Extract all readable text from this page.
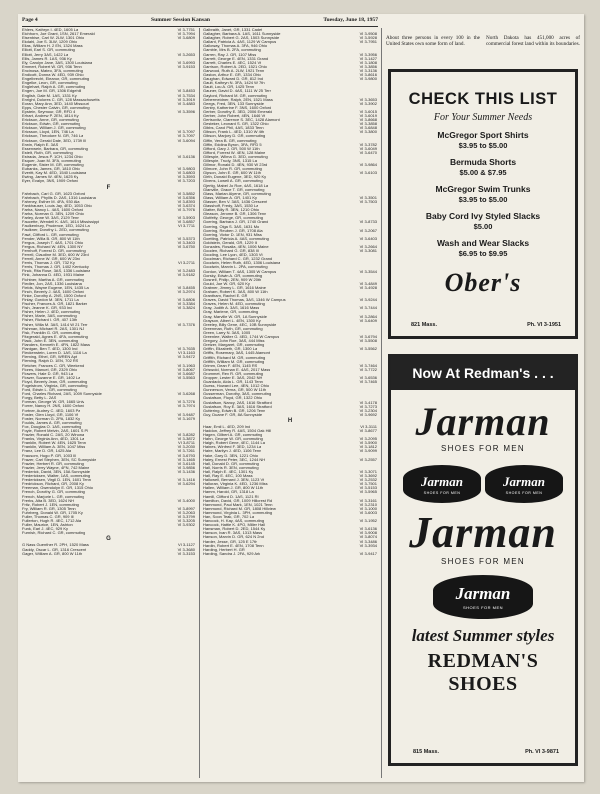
Page 4	Summer Session Kansan	Tuesday, June 18, 1957
Ehlers, Kathryn I. 4ED, 1605 La	VI 3-7751
Eichhorn, Joe Grant, 1SN, 2617 Emerald	VI 3-7994
Eisenbise, Carl W. 2LW, 1301 Ohio	VI 3-6809
Ekdahl, Joe S. 3LW, 1209 Ohio
Elias, William H. 2 EN, 1324 Mass
Elliott, Earl S. GR, commuting
Elliott, Jerry 3AS, 1422 La	VI 3-2653
Ellis, James R. 1AS, 936 Ky
Ely, Carolyn Jane, 3AS, 1300 Louisiana	VI 3-6993
Emmert, Robert W. GR, 936 Tenn	VI 3-9153
Encinosa, Mateo, 3FA, commuting
Endicott, Donna W. 4ED, 939 Ohio
Engelbrecht, Eleanor, GR, commuting
Engelke, Leon, GR, commuting
Englehart, Ralph A. GR, commuting
Engen, Joe M. GR, 1306 Edgehill	VI 3-8453
English, Dale M. 1AS, 1331 Ky	VI 3-7534
Enright, Dolores C. GR, 128 Massachusetts	VI 3-3919
Eoran, Mary Ann, 3ED, 1440 Missouri	VI 3-4883
Epps, Chester Calvin, GR, commuting
Epstein, Seymour, GR, RFD 4	VI 3-3596
Erhart, Andrew P. 2EN, 1814 Ky
Erickson, Anne, GR, commuting
Erickson, Edwin, GR, commuting
Erickson, William J. GR, commuting
Ericsson, Lloyd, 1EN, 746 La	VI 3-7097
Erickson, Theodore N. GR, 746 La	VI 3-7097
Erickson, Gerald Dale, 3ED, 1739 Ill	VI 3-6094
Erwin, Ralph E. 3AS
Essenwein, Barbara, GR, commuting
Estelt, Ruth, GR, commuting
Estrada, Jesus P. 1CH, 1234 Ohio	VI 3-6136
Esquer, Juan M. 3FA, commuting
Eugenie, Sister M. GR, commuting
Eubanks, James, GR, 1810 Ohio	VI 3-9803
Everitt, Kay M. 4ED, 1540 Louisiana	VI 3-6803
Ewing, James W. 4EN, 1625 Ky	VI 3-3593
Eyer, Evalyn, 3NS, 1909 Oxford	VI 3-7203
F
Fahrbach, Carl G. GR, 1623 Oxford	VI 3-5852
Fahrbach, Phyllis D. 2AS, 1316 Louisiana	VI 3-6356
Fahrney, Esther M. 4FA, 930 Ala	VI 3-8393
Fankhauser, Louis Jay, 4ED, 1053 Ohio	VI 3-6374
Farha, Nancy L. 4AS, 1600 Oxford	VI 3-7976
Farha, Norman G. 3EN, 1209 Ohio
Farley, Anne W. 3AS, 2129 Tenn	VI 3-5903
Faucette, Wendell K. 4AS, 1614 Mississippi	VI 3-6857
Faulkenbury, Prudence, 1ED, 1624 La	VI 3-7711
Faulkner, Dorothy L. 2ED, commuting
Fawl, Clifford L. GR, commuting
Fender, Willa B. GR, 800 W 11th	VI 3-5373
Fergus, Joseph T. 4AS, 1701 Ohio	VI 3-3403
Fergus, Richard W. 4EN, 1300 NY	VI 3-6750
Fernhoff, Forrest D. GR, commuting
Ferrell, Claudine M. 3ED, 600 W 23rd
Ferrell, Anne W. GR, 600 W 23rd
Ferris, Thomas J. GR, 732 Ky	VI 3-2711
Ferris, Thomas J. GR, 1402 Kentucky
Finck, Rita Rose, 3AS, 1336 Louisiana	VI 3-2483
Fink, Johanna D. 4ED, 1931 Maine	VI 3-9182
Fichtner, Martha A. GR, commuting
Fiedler, Jon, 2AS, 1336 Louisiana
Fields, Wayne Eugene, 1EN, 1435 La	VI 3-8455
Finch, Beverly J. 4AS, 1600 Oxford	VI 3-2974
Finke, Dorothy A. 2NS, 1500 Oxford
Finlay, Gordon M. 3EN, 1711 La	VI 3-6806
Fischer, Frances A. GR, 1821 Barker	VI 3-3384
Fish, Jeanne K. GR, 933 Ind	VI 3-3824
Fisher, Helen J. 4ED, commuting
Fisher, Marie, 3AS, commuting
Fisher, Richard I. GR, 407 13th
Fisher, Willa M. 3AS, 1414 W 21 Terr	VI 3-7376
Fishman, Michael R. 2AS, 1301 NJ
Fisk, Franklin G. GR, commuting
Fitzgerald, Agnes E. 4FA, commuting
Flack, John E. 3EN, commuting
Flanders, Kenneth E. 4FN, 1822 Mass
Flanigan, Ben T. 4ED, 1300 Ind	VI 3-7635
Fleckenstein, Loren D. 1AS, 1116 La	VI 3-1163
Fleming, Ethel, GR, WREN Apt	VI 3-9472
Fleming, Ralph D. 1EN, 702 RS
Fletcher, Frances C. GR, Weekend	VI 3-1963
Flores, Manuel, GR, 2329 Ohio	VI 3-8067
Flowers, Hale D. GR, 943 La	VI 3-6687
Flower, Suzanne E. GR, 1402 La	VI 3-5563
Floyd, Beverly Jean, GR, commuting
Fogelstrom, Virginia, GR, commuting
Ford, Edwin L. GR, commuting
Ford, Charles Richard, 2AS, 1009 Sunnyside	VI 3-6268
Forgy, Betty L. 2AS
Forman, George W. GR, 1665 Univ	VI 3-7276
Forrer, Nancy H. 2NS, 1600 Oxford	VI 3-7974
Fortner, Audrey C. 4ED, 1603 Pa
Foster, Glen Lloyd, GR, 1106 Vt	VI 3-9487
Foster, Norman G. 2PA, 1832 Ky	VI 3-1679
Foulds, James A. GR, commuting
Fox, Douglas O. 1AS, commuting
Foyle, Robert Melvin, 2AS, 1601 S Pl
Frazier, Ronald C. 2AS, 20 Winona	VI 3-8282
Franks, Virginia Ann, 4ED, 1301 La	VI 3-3872
Franklin, Robert W. 4EN, 1625 Tenn	VI 3-8711
Franklin, William A. 3EN, 1047 Miss	VI 3-2030
Franz, Lee D. GR, 1425 Ala	VI 3-7261
Frausom, Hugo P. GR, 1003 Ill	VI 3-6793
Frazer, Carl Stephen, 3EN, SC Sunnyside	VI 3-1465
Frazier, Herbert R. GR, commuting	VI 3-6145
Frazier, Jerry Wayne, 4FN, 742 Maine	VI 3-9856
Frederick, David, 3EN, 15A Sunnyside	VI 3-1436
Fredericksen, Walter, 1AS, commuting
Fredericksen, Virgil D. 1EN, 1601 Tenn	VI 3-1416
Fredrickson, Richard, GR, 2008 Ky	VI 3-6294
Freeman, Gwendolyn E. GR, 1315 Ohio
French, Dorothy G. GR, commuting
French, Marjorie L. GR, commuting
Frerks, Alta B. 3ED, 1624 NH	VI 3-4000
Fritz, Robert J. 1EN, commuting
Fry, William R. GR, 1305 Tenn	VI 3-8997
Fuhrberg, Donald W. GR, 1705 Ky	VI 3-2063
Fuller, Thomas C. GR, 909 Ill	VI 3-3799
Fullerton, Hugh R. 4EC, 1712 Ala	VI 3-3205
Fuller, Maurice, 1EN, Ashton	VI 3-9302
Funk, Earl J. 4EC, 929 Ky
Furnish, Richard C. GR, commuting
G
G Nass Guenther R. 2PH, 1520 Mass	VI 3-1127
Gaddy, Oscar L. GR, 1316 Crescent	VI 3-3680
Gager, William A. GR, 800 W 11th	VI 3-3153
Galbraith, Janet, GR, 1331 Cadet
Gallagher, Barbara A. 1AS, 1611 Sunnyside	VI 3-9508
Gallagher, Robert G. 2AS, 1503 Sunnyside	VI 3-5928
Gallant, Patricia A. 4AS, 1129 W Campus	VI 3-7951
Galloway, Thomas A. 3FA, 946 Ohio
Gamble, Mrs B. 2FA, commuting
Garren, Ray J. GR, 1107 Miss	VI 3-3956
Garrett, George E. 4EN, 1331 Grand	VI 3-1427
Garrett, Charles E. 4EC, 1524 Vt	VI 3-1808
Garrison, Robert A. 2ED, 1521 Ohio	VI 3-3856
Garwood, Ruth A. 2LW, 1921 Tenn	VI 3-3136
Gaston, Arthur E. GR, 1334 Ohio	VI 3-8616
Gaughan, Edward D. GR, 812 Ind	VI 3-9800
Gault, Kathryn N. 3FA, 1424 W 7th
Gault, Lou A. GR, 1425 Tenn
Gauner, David D. 4AS, 1111 W 25 Terr
Gaylord, Richard M. GR, commuting
Gebermeidner, Ralph, 2EN, 1521 Mass	VI 3-3653
Geegs, Fred, 3EN, 133 Sunnyside	VI 3-3902
Gentry, Katherine F. 3NS, 1600 Oxford
Gerber, Dorothy E. 3ED, 2006 Emerald	VI 3-6015
Gerber, John Robert, 4EN, 1646 Vt	VI 3-6019
Gertsovitz, Clarence S. 3EC, 1428 Alamont	VI 3-8668
Gesteker, Leonard S. GR, 1322 Ohio	VI 3-3858
Gibbs, Carol Phil, 4AS, 1833 Tenn	VI 3-6848
Gibson, Frank L. 4ED, 1310 W 4th	VI 3-3800
Gibson, Marjory D. GR, commuting
Giffin, Vera B. GR, commuting
Giffin, Eddina Byron, 3FA, RFD 5	VI 3-3782
Gifford, Gary J. GR, 500 W 11th	VI 3-6049
Gifford, Forrest W. 4EN, 128 Maine	VI 3-6470
Gillespie, Wilma G. 3ED, commuting
Gillespie, Trudy, 3NS, 1315 La
Gillmor, Ronald D. 4EN, 930 W 23rd	VI 3-9864
Gilmore, John R. GR, commuting
Gipson, John E. GR, 600 W 11th	VI 3-6103
Girth, Donald Eugene, 3ED, 920 Ky
Givens, Lowell A. GR, commuting
Gjertig, Mabel Jo Roe, 4AS, 1618 La
Glanville, Grace T. GR, commuting
Glass, Marian Alyene, GR, commuting
Glass, William A. GR, 1401 Ky	VI 3-3501
Glasser, Ben V. 3AS, 1436 Crescent	VI 3-7503
Glasshoff, Fredy, 3AS, 1530 La
Glatter, Billy R. 3EN, 1210 Ohio
Gleason, Jerome B. GR, 1306 Tenn
Glotfelty, George, GR, commuting
Goering, Barbara J. GR, 1740 Grand	VI 3-8733
Goering, Olga S. 3AS, 1631 Mo
Goering, Reuben J. GR, 1708 Ala	VI 3-2067
Goering, Victor D. 1EN, 931 Miss
Goetting, Patricia A. 4AS, commuting	VI 3-6403
Goldstein, Gerald, GR, 1229 Ill
Gonzales, Rosalia, 4EN, 1006 Maine	VI 3-2664
Gooden, Richard G. GR, 838 Ill	VI 3-3081
Gooding, Lee Lyon, 4ED, 1303 Vt
Goodman, Richard C. GR, 1232 Grand
Goodwin, Helen Ruth, 4ED, 1306 Louisiana
Goodwin, Marvin L. 2PA, commuting
Gordon, William T. 4AS, 1305 W Campus	VI 3-3544
Gorsky, Edwin A. GR, commuting
Gosnell, Philip, 2EN, 909 W 20th
Gould, Joe W. GR, 620 Ky	VI 3-4849
Grabner, Jimmy L. GR, 1616 Maine	VI 3-4928
Graham, Robert K. 3AS, 800 W 11th
Grantham, Rachel E. GR
Graves, David Thomas, 3AS, 1346 W Campus	VI 3-9244
Graves, Helen M. 4ED, commuting
Gray, Judith A. 3AS, 1616 Mass	VI 3-7444
Gray, Marlene, GR, commuting
Gray, Marville W. GR, 1A Sunnyside	VI 3-2864
Grayson, Albert L. 4EN, 1300 Ky	VI 3-6409
Greeley, Billy Gene, 4EC, 10B Sunnyside
Greenman, Ruth, GR, commuting
Green, Larry N. 3AS, 1005
Greenlee, Walter G. 4ED, 1744 W Campus	VI 3-6794
Gregory, John Roe, 3AS, 444 Miss	VI 3-5508
Gretzer, Margaret, GR, commuting
Griffin, Elizabeth, GR, 1300 La	VI 3-5562
Griffis, Rosemary, 3AS, 1445 Alamont
Griffith, Richard M. GR, commuting
Griffith, William M. GR, commuting
Grimm, Dean F. 4EN, 1145 RS	VI 3-7464
Griswold, Norman E. 4AS, 2017 Mass	VI 3-7722
Grommet, Rex R. GR, commuting
Gropper, Lester E. 3AS, 2042 NH	VI 3-6536
Guardado, Aida L. GR, 1143 Tenn	VI 3-7465
Guess, Howard Lee, 4EN, 1012 Ohio
Gunnerson, Verna, GR, 500 W 11th
Gusserman, Dorothy, 3AS, commuting
Gustafson, Floyd, GR, 1322 Ohio
Gustafson, Nancy, 2AS, 1616 Stratford	VI 3-4178
Gustafson, Roy E. 3AS, 1616 Stratford	VI 3-7273
Guttering, Edwin B. GR, 1206 Tenn	VI 3-2304
Guy, Duane F. GR, 8A Sunnyside	VI 3-9692
H
Haar, Emil L. 4ED, 209 Ind	VI 3-3111
Haddon, Jeffrey R. 4AS, 1504 Oak Hill	VI 3-8677
Hagen, Gilbert A. GR, commuting
Hahn, George W. GR, commuting	VI 3-2095
Haigh, Robert Gene, 4EC, 1144 La	VI 3-5900
Haines, Winfred F. 3ED, 1234 La	VI 3-1812
Haire, Marilyn J. 4ED, 1106 Tenn	VI 3-9099
Hake, Gary D. 3EN, 1221 Ohio
Haley, Ernest Peter, 3EC, 1244 NH	VI 3-2557
Hall, Donald D. GR, commuting
Hall, Norris R. 3EN, commuting
Hall, Ralph E. 4EC, 1301 Ky	VI 3-3071
Hall, Ray E. 4EC, 100 Mass	VI 3-3692
Hallowell, Bernard J. 3EN, 1123 Vt	VI 3-2532
Halloran, Virginia K. 4ED, 1236 Miss	VI 3-7501
Hallen, William J. GR, 800 W 11th	VI 3-5153
Hamm, Harold, GR, 1318 La	VI 3-5965
Hamill, Clifford D. 1AS, 1121 RI
Hamilton, David, GR, 1009 Hillcrest Rd	VI 3-3161
Hammond, Paul Mark, 1EN, 1021 Tenn	VI 3-2310
Hammond, Richard M. GR, 1808 Hillview	VI 3-1000
Hammond, Virginia L. 3PH, commuting	VI 3-6003
Han, Soon Teak, GR, 702 La
Hancock, H. Kay, 4AS, commuting	VI 3-1952
Hancock, Hattie K. 4PO, Miller Hall
Hansman, Robert D. 2ED, 1544 Ky	VI 3-6136
Hanson, Ivan R. 3AS, 1313 Mass	VI 3-9008
Hanson, Marvin D. GR, 624 N 2nd	VI 3-8074
Harder, Jesse, GR, 125 E 17th	VI 3-3486
Hardin, Robert E. 4EN, 1708 Tenn	VI 3-3934
Harding, Herbert H. GR
Harding, Sandra J. 2FA, 929 Ark	VI 3-9417
About three persons in every 100 in the United States own some form of land.
North Dakota has 451,000 acres of commercial forest land within its boundaries.
CHECK THIS LIST
For Your Summer Needs
McGregor Sport Shirts
$3.95 to $5.00
Bermuda Shorts
$5.00 & $7.95
McGregor Swim Trunks
$3.95 to $5.00
Baby Cord Ivy Styled Slacks
$5.00
Wash and Wear Slacks
$6.95 to $9.95
Ober's
821 Mass.	Ph. VI 3-1951
Now At Redman's . . .
Jarman
SHOES FOR MEN
Jarman
SHOES FOR MEN
Jarman
SHOES FOR MEN
Jarman
SHOES FOR MEN
Jarman
SHOES FOR MEN
latest Summer styles
REDMAN'S SHOES
815 Mass.	Ph. VI 3-9871
